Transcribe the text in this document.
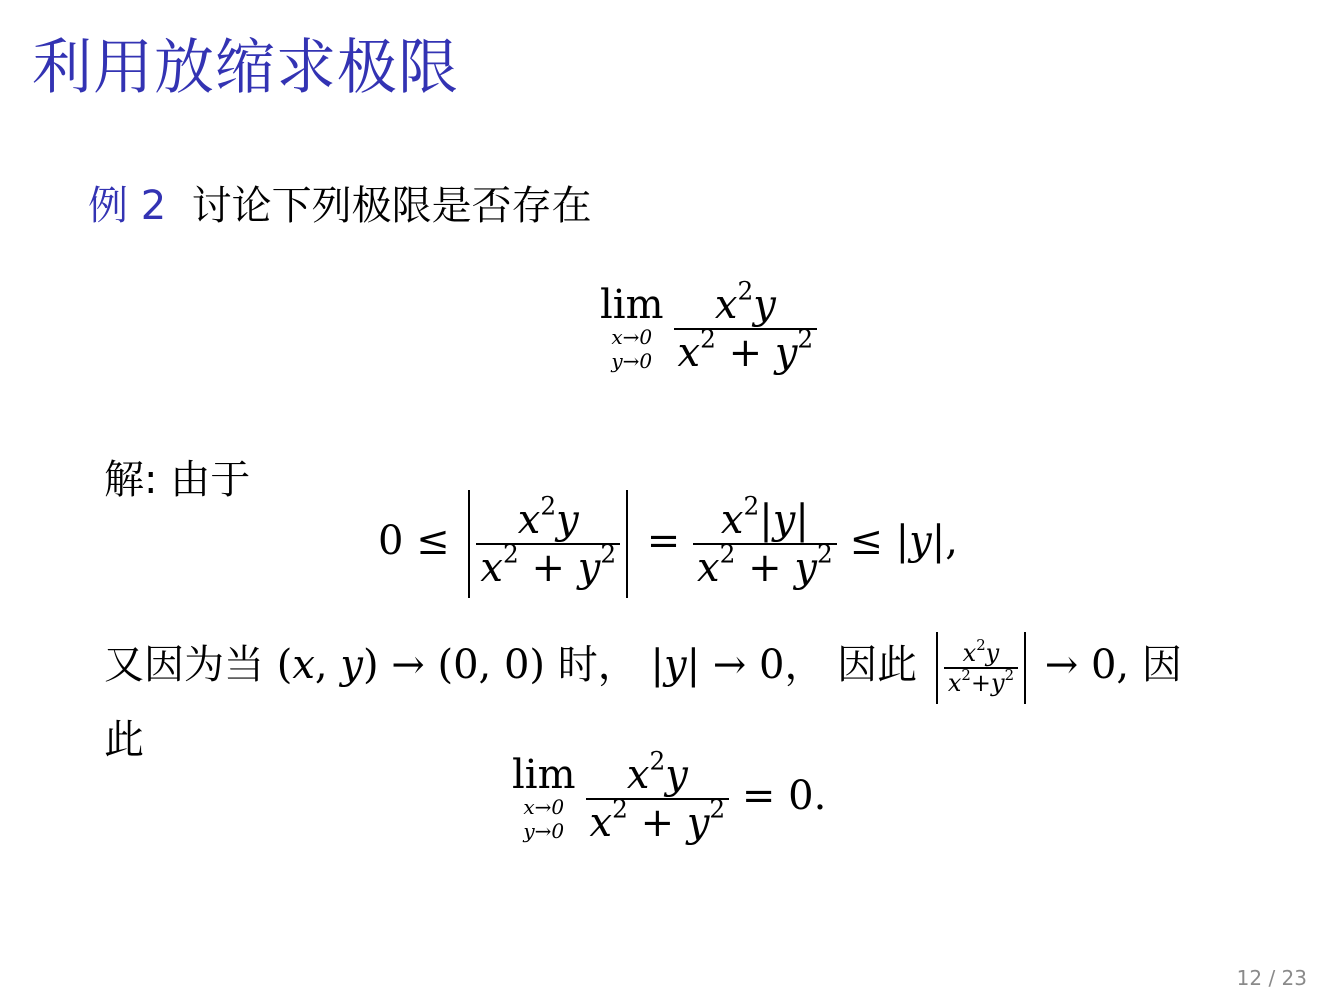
利用放缩求极限
例 2 讨论下列极限是否存在
lim
x→0
$y\to 0 \frac{x^2y}{x^2 + y^2}$
解: 由于
$0 \le \frac{x^2y}{x^2 + y^2} = \frac{x^2|y|}{x^2 + y^2} \le |y|$,
又因为当 (x, y) → (0, 0) 时， |y| → 0， 因此 $\frac{x^2y}{x^2+y^2} \to 0$, 因
此
lim
x→0
$y\to 0 \frac{x^2y}{x^2 + y^2} = 0$.
12 / 23
